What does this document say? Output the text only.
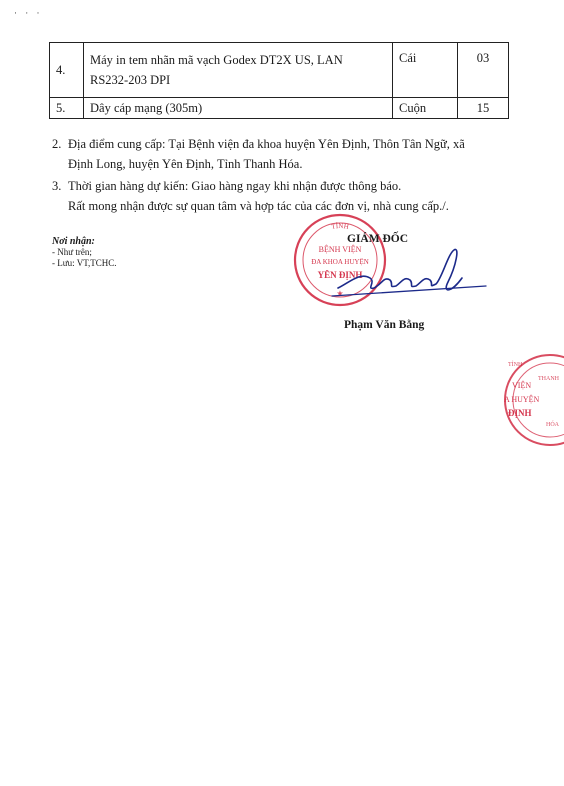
· · ·
4.	Máy in tem nhãn mã vạch Godex DT2X US, LAN
RS232-203 DPI	Cái	03
5.	Dây cáp mạng (305m)	Cuộn	15
2. Địa điểm cung cấp: Tại Bệnh viện đa khoa huyện Yên Định, Thôn Tân Ngữ, xã
Định Long, huyện Yên Định, Tỉnh Thanh Hóa.
3. Thời gian hàng dự kiến: Giao hàng ngay khi nhận được thông báo.
Rất mong nhận được sự quan tâm và hợp tác của các đơn vị, nhà cung cấp./.
Nơi nhận:
- Như trên;
- Lưu: VT,TCHC.
TỈNH
BỆNH VIỆN
ĐA KHOA HUYỆN
YÊN ĐỊNH
★
GIÁM ĐỐC
Phạm Văn Bằng
TỈNH
THANH
HÓA
VIỆN
A HUYỆN
ĐỊNH
